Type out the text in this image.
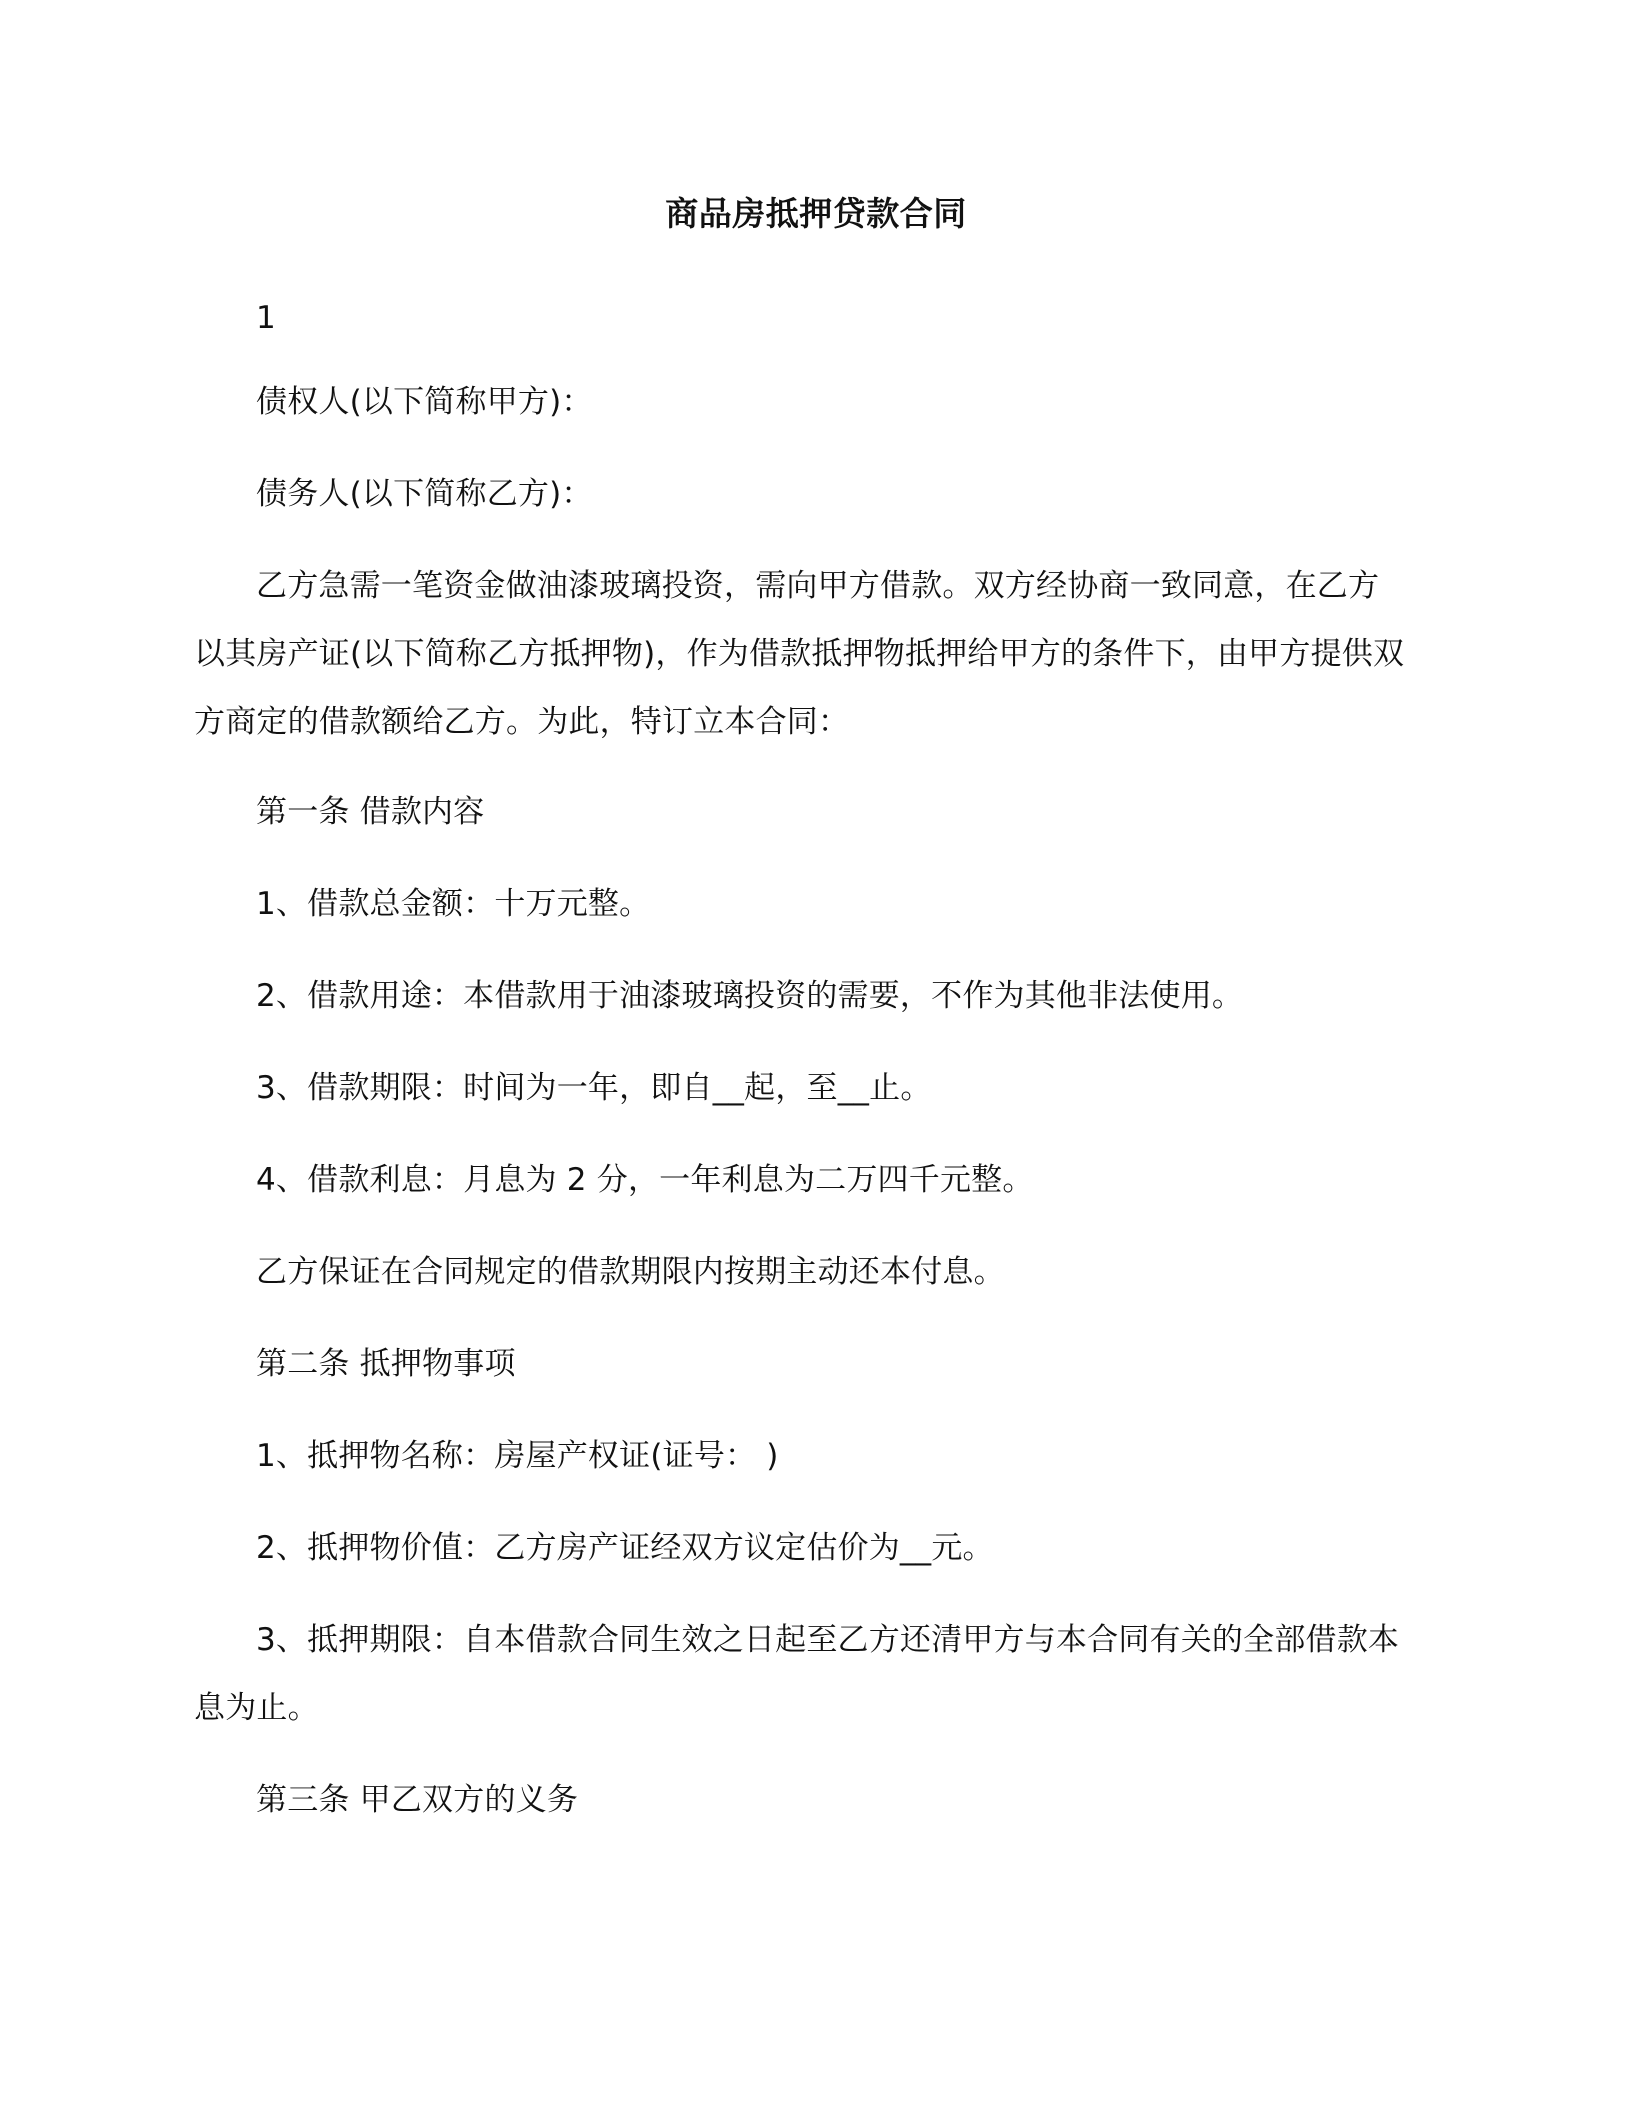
商品房抵押贷款合同
1
债权人(以下简称甲方)：
债务人(以下简称乙方)：
乙方急需一笔资金做油漆玻璃投资，需向甲方借款。双方经协商一致同意，在乙方
以其房产证(以下简称乙方抵押物)，作为借款抵押物抵押给甲方的条件下，由甲方提供双
方商定的借款额给乙方。为此，特订立本合同：
第一条 借款内容
1、借款总金额：十万元整。
2、借款用途：本借款用于油漆玻璃投资的需要，不作为其他非法使用。
3、借款期限：时间为一年，即自__起，至__止。
4、借款利息：月息为 2 分，一年利息为二万四千元整。
乙方保证在合同规定的借款期限内按期主动还本付息。
第二条 抵押物事项
1、抵押物名称：房屋产权证(证号： )
2、抵押物价值：乙方房产证经双方议定估价为__元。
3、抵押期限：自本借款合同生效之日起至乙方还清甲方与本合同有关的全部借款本
息为止。
第三条 甲乙双方的义务
